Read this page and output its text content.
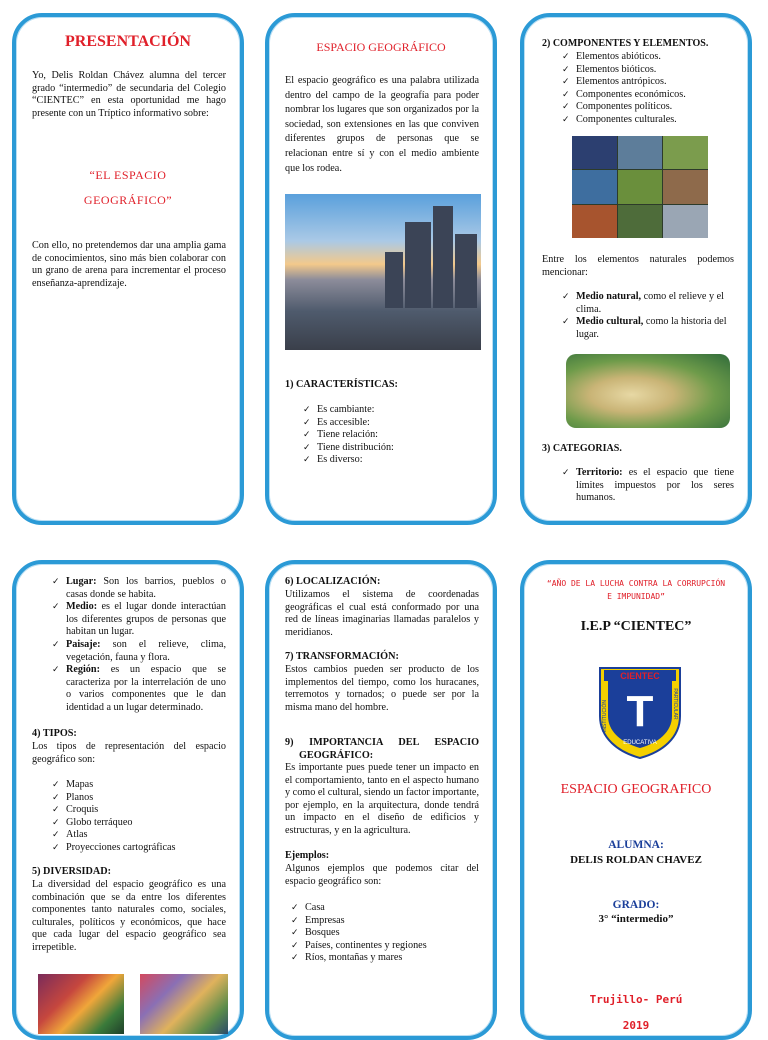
PRESENTACIÓN

Yo, Delis Roldan Chávez alumna del tercer grado “intermedio” de secundaria del Colegio “CIENTEC” en esta oportunidad me hago presente con un Tríptico informativo sobre:

“EL ESPACIO
GEOGRÁFICO”

Con ello, no pretendemos dar una amplia gama de conocimientos, sino más bien colaborar con un grano de arena para incrementar el proceso enseñanza-aprendizaje.

ESPACIO GEOGRÁFICO

El espacio geográfico es una palabra utilizada dentro del campo de la geografía para poder nombrar los lugares que son organizados por la sociedad, son extensiones en las que conviven diferentes grupos de personas que se relacionan entre sí y con el medio ambiente que los rodea.

1) CARACTERÍSTICAS:
✓ Es cambiante:
✓ Es accesible:
✓ Tiene relación:
✓ Tiene distribución:
✓ Es diverso:
2) COMPONENTES Y ELEMENTOS.
✓ Elementos abióticos.
✓ Elementos bióticos.
✓ Elementos antrópicos.
✓ Componentes económicos.
✓ Componentes políticos.
✓ Componentes culturales.

Entre los elementos naturales podemos mencionar:

✓ Medio natural, como el relieve y el clima.
✓ Medio cultural, como la historia del lugar.
3) CATEGORIAS.
✓ Territorio: es el espacio que tiene límites impuestos por los seres humanos.
✓ Lugar: Son los barrios, pueblos o casas donde se habita.
✓ Medio: es el lugar donde interactúan los diferentes grupos de personas que habitan un lugar.
✓ Paisaje: son el relieve, clima, vegetación, fauna y flora.
✓ Región: es un espacio que se caracteriza por la interrelación de uno o varios componentes que le dan identidad a un lugar determinado.
4) TIPOS:

Los tipos de representación del espacio geográfico son:

✓ Mapas
✓ Planos
✓ Croquis
✓ Globo terráqueo
✓ Atlas
✓ Proyecciones cartográficas
5) DIVERSIDAD:

La diversidad del espacio geográfico es una combinación que se da entre los diferentes componentes tanto naturales como, sociales, culturales, políticos y económicos, que hace que cada lugar del espacio geográfico sea irrepetible.

6) LOCALIZACIÓN:

Utilizamos el sistema de coordenadas geográficas el cual está conformado por una red de líneas imaginarias llamadas paralelos y meridianos.

7) TRANSFORMACIÓN:

Estos cambios pueden ser producto de los implementos del tiempo, como los huracanes, terremotos y tornados; o puede ser por la misma mano del hombre.

9) IMPORTANCIA DEL ESPACIO
GEOGRÁFICO:

Es importante pues puede tener un impacto en el comportamiento, tanto en el aspecto humano y como el cultural, siendo un factor importante, por ejemplo, en la arquitectura, donde tendrá un impacto en el diseño de edificios y estructuras, y en la agricultura.

Ejemplos:

Algunos ejemplos que podemos citar del espacio geográfico son:

✓ Casa
✓ Empresas
✓ Bosques
✓ Países, continentes y regiones
✓ Ríos, montañas y mares
“AÑO DE LA LUCHA CONTRA LA CORRUPCIÓN
E IMPUNIDAD”
I.E.P “CIENTEC”
CIENTEC
T
INSTITUCIÓN	PARTICULAR
EDUCATIVA
ESPACIO GEOGRAFICO
ALUMNA:
DELIS ROLDAN CHAVEZ
GRADO:
3° “intermedio”
Trujillo- Perú
2019
